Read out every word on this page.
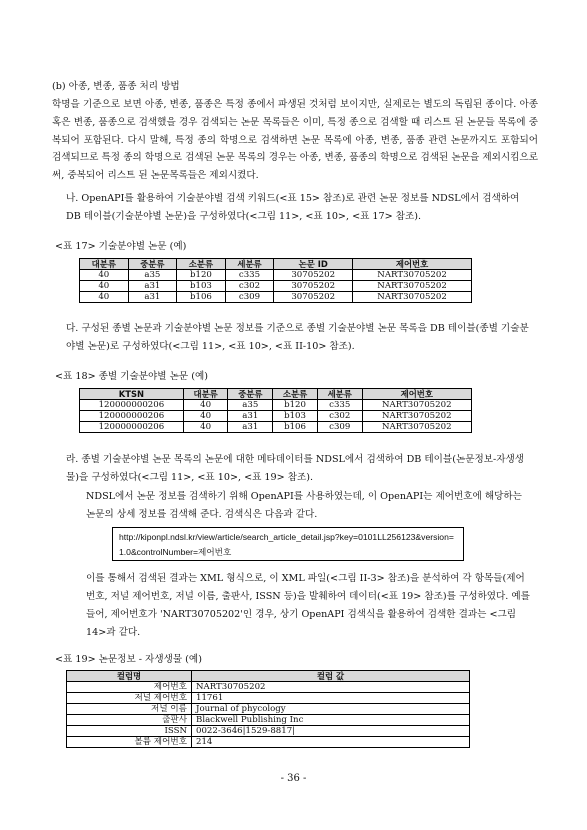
(b) 아종, 변종, 품종 처리 방법
학명을 기준으로 보면 아종, 변종, 품종은 특정 종에서 파생된 것처럼 보이지만, 실제로는 별도의 독립된 종이다. 아종 혹은 변종, 품종으로 검색했을 경우 검색되는 논문 목록들은 이미, 특정 종으로 검색할 때 리스트 된 논문들 목록에 중복되어 포함된다. 다시 말해, 특정 종의 학명으로 검색하면 논문 목록에 아종, 변종, 품종 관련 논문까지도 포함되어 검색되므로 특정 종의 학명으로 검색된 논문 목록의 경우는 아종, 변종, 품종의 학명으로 검색된 논문을 제외시킴으로써, 중복되어 리스트 된 논문목록들은 제외시켰다.
나. OpenAPI를 활용하여 기술분야별 검색 키워드(<표 15> 참조)로 관련 논문 정보를 NDSL에서 검색하여 DB 테이블(기술분야별 논문)을 구성하였다(<그림 11>, <표 10>, <표 17> 참조).
<표 17> 기술분야별 논문 (예)
대분류	중분류	소분류	세분류	논문 ID	제어번호
40	a35	b120	c335	30705202	NART30705202
40	a31	b103	c302	30705202	NART30705202
40	a31	b106	c309	30705202	NART30705202
다. 구성된 종별 논문과 기술분야별 논문 정보를 기준으로 종별 기술분야별 논문 목록을 DB 테이블(종별 기술분야별 논문)로 구성하였다(<그림 11>, <표 10>, <표 II-10> 참조).
<표 18> 종별 기술분야별 논문 (예)
KTSN	대분류	중분류	소분류	세분류	제어번호
120000000206	40	a35	b120	c335	NART30705202
120000000206	40	a31	b103	c302	NART30705202
120000000206	40	a31	b106	c309	NART30705202
라. 종별 기술분야별 논문 목록의 논문에 대한 메타데이터를 NDSL에서 검색하여 DB 테이블(논문정보-자생생물)을 구성하였다(<그림 11>, <표 10>, <표 19> 참조).
NDSL에서 논문 정보를 검색하기 위해 OpenAPI를 사용하였는데, 이 OpenAPI는 제어번호에 해당하는 논문의 상세 정보를 검색해 준다. 검색식은 다음과 같다.
http://kiponpl.ndsl.kr/view/article/search_article_detail.jsp?key=0101LL256123&version=1.0&controlNumber=제어번호
이를 통해서 검색된 결과는 XML 형식으로, 이 XML 파일(<그림 II-3> 참조)을 분석하여 각 항목들(제어번호, 저널 제어번호, 저널 이름, 출판사, ISSN 등)을 발췌하여 데이터(<표 19> 참조)를 구성하였다. 예를 들어, 제어번호가 'NART30705202'인 경우, 상기 OpenAPI 검색식을 활용하여 검색한 결과는 <그림 14>과 같다.
<표 19> 논문정보 - 자생생물 (예)
컬럼명	컬럼 값
제어번호	NART30705202
저널 제어번호	11761
저널 이름	Journal of phycology
출판사	Blackwell Publishing Inc
ISSN	0022-3646|1529-8817|
볼륨 제어번호	214
- 36 -
